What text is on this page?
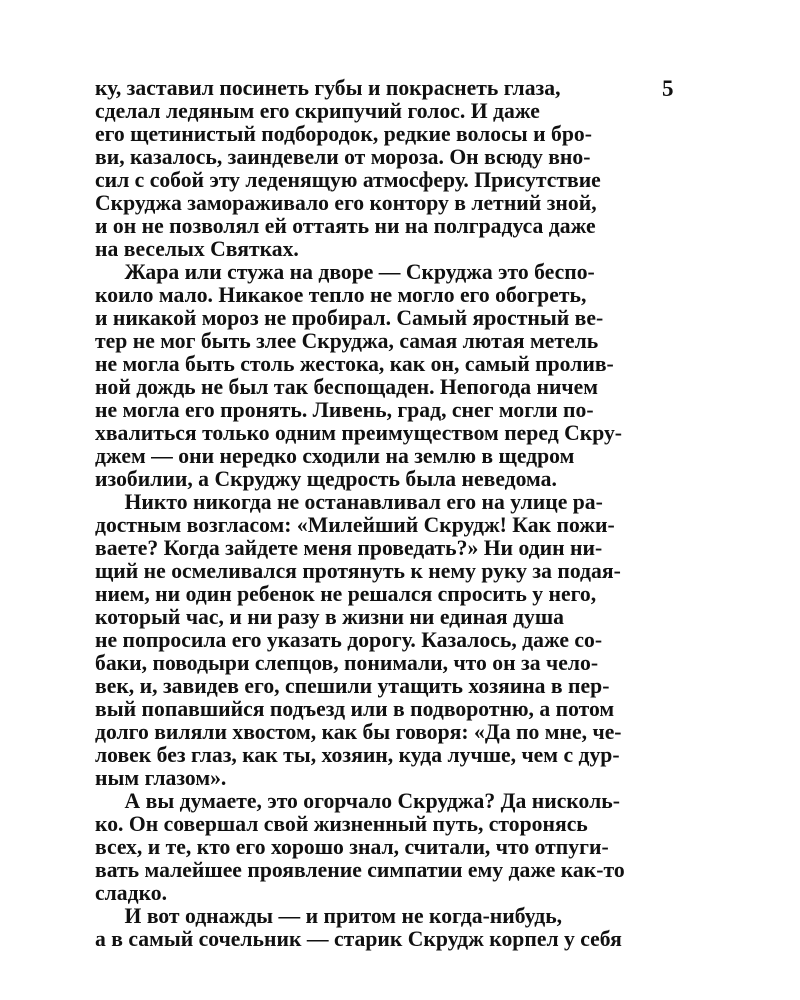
5
ку, заставил посинеть губы и покраснеть глаза,
сделал ледяным его скрипучий голос. И даже
его щетинистый подбородок, редкие волосы и бро-
ви, казалось, заиндевели от мороза. Он всюду вно-
сил с собой эту леденящую атмосферу. Присутствие
Скруджа замораживало его контору в летний зной,
и он не позволял ей оттаять ни на полградуса даже
на веселых Святках.
Жара или стужа на дворе — Скруджа это беспо-
коило мало. Никакое тепло не могло его обогреть,
и никакой мороз не пробирал. Самый яростный ве-
тер не мог быть злее Скруджа, самая лютая метель
не могла быть столь жестока, как он, самый пролив-
ной дождь не был так беспощаден. Непогода ничем
не могла его пронять. Ливень, град, снег могли по-
хвалиться только одним преимуществом перед Скру-
джем — они нередко сходили на землю в щедром
изобилии, а Скруджу щедрость была неведома.
Никто никогда не останавливал его на улице ра-
достным возгласом: «Милейший Скрудж! Как пожи-
ваете? Когда зайдете меня проведать?» Ни один ни-
щий не осмеливался протянуть к нему руку за подая-
нием, ни один ребенок не решался спросить у него,
который час, и ни разу в жизни ни единая душа
не попросила его указать дорогу. Казалось, даже со-
баки, поводыри слепцов, понимали, что он за чело-
век, и, завидев его, спешили утащить хозяина в пер-
вый попавшийся подъезд или в подворотню, а потом
долго виляли хвостом, как бы говоря: «Да по мне, че-
ловек без глаз, как ты, хозяин, куда лучше, чем с дур-
ным глазом».
А вы думаете, это огорчало Скруджа? Да нисколь-
ко. Он совершал свой жизненный путь, сторонясь
всех, и те, кто его хорошо знал, считали, что отпуги-
вать малейшее проявление симпатии ему даже как-то
сладко.
И вот однажды — и притом не когда-нибудь,
а в самый сочельник — старик Скрудж корпел у себя
